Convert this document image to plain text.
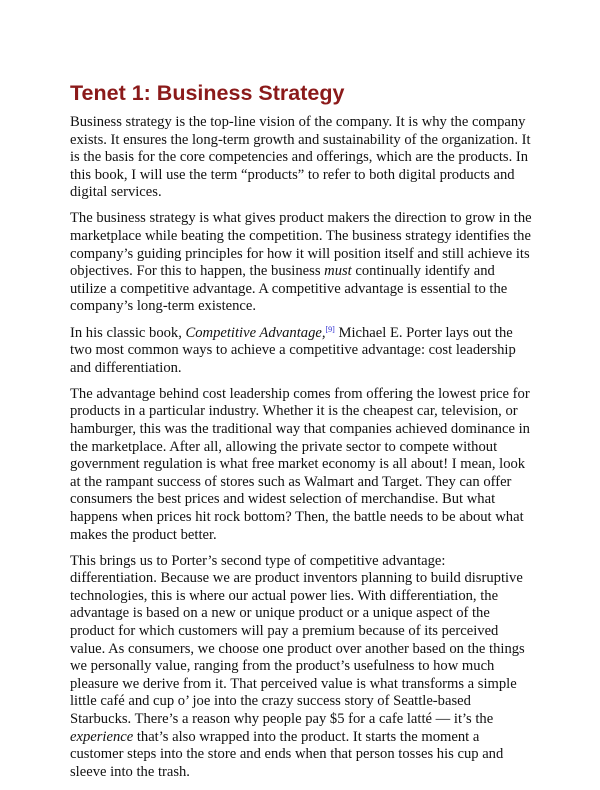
Tenet 1: Business Strategy

Business strategy is the top-line vision of the company. It is why the company exists. It ensures the long-term growth and sustainability of the organization. It is the basis for the core competencies and offerings, which are the products. In this book, I will use the term “products” to refer to both digital products and digital services.

The business strategy is what gives product makers the direction to grow in the marketplace while beating the competition. The business strategy identifies the company’s guiding principles for how it will position itself and still achieve its objectives. For this to happen, the business must continually identify and utilize a competitive advantage. A competitive advantage is essential to the company’s long-term existence.

In his classic book, Competitive Advantage,[9] Michael E. Porter lays out the two most common ways to achieve a competitive advantage: cost leadership and differentiation.

The advantage behind cost leadership comes from offering the lowest price for products in a particular industry. Whether it is the cheapest car, television, or hamburger, this was the traditional way that companies achieved dominance in the marketplace. After all, allowing the private sector to compete without government regulation is what free market economy is all about! I mean, look at the rampant success of stores such as Walmart and Target. They can offer consumers the best prices and widest selection of merchandise. But what happens when prices hit rock bottom? Then, the battle needs to be about what makes the product better.

This brings us to Porter’s second type of competitive advantage: differentiation. Because we are product inventors planning to build disruptive technologies, this is where our actual power lies. With differentiation, the advantage is based on a new or unique product or a unique aspect of the product for which customers will pay a premium because of its perceived value. As consumers, we choose one product over another based on the things we personally value, ranging from the product’s usefulness to how much pleasure we derive from it. That perceived value is what transforms a simple little café and cup o’ joe into the crazy success story of Seattle-based Starbucks. There’s a reason why people pay $5 for a cafe latté — it’s the experience that’s also wrapped into the product. It starts the moment a customer steps into the store and ends when that person tosses his cup and sleeve into the trash.
